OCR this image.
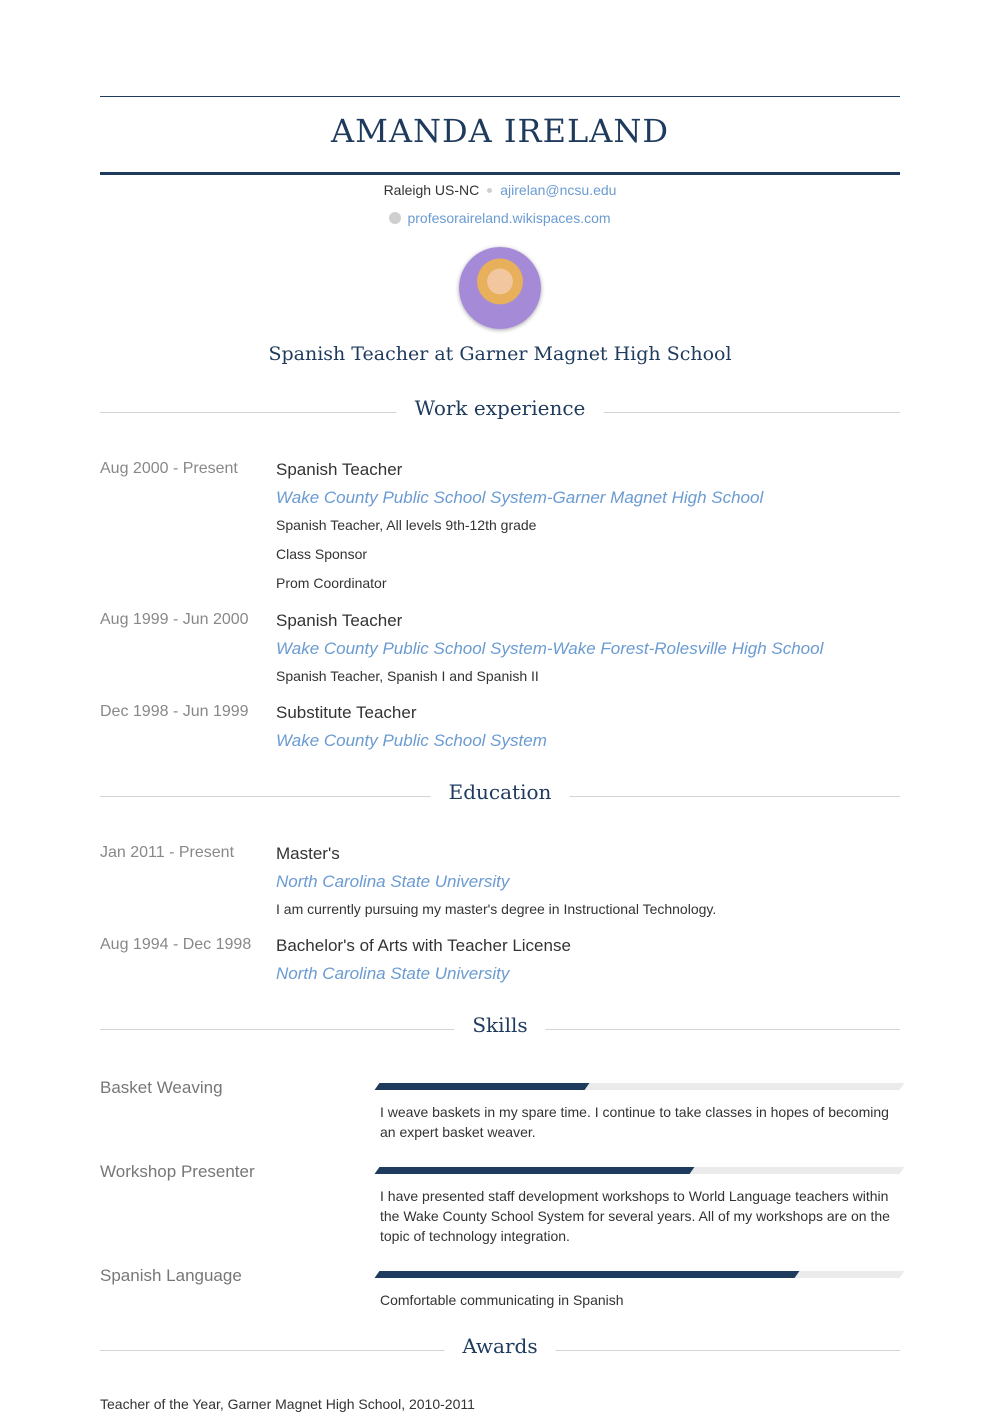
AMANDA IRELAND
Raleigh US-NC ajirelan@ncsu.edu
profesoraireland.wikispaces.com
Spanish Teacher at Garner Magnet High School
Work experience
Aug 2000 - Present Spanish Teacher
Wake County Public School System-Garner Magnet High School
Spanish Teacher, All levels 9th-12th grade
Class Sponsor
Prom Coordinator
Aug 1999 - Jun 2000 Spanish Teacher
Wake County Public School System-Wake Forest-Rolesville High School
Spanish Teacher, Spanish I and Spanish II
Dec 1998 - Jun 1999 Substitute Teacher
Wake County Public School System
Education
Jan 2011 - Present Master's
North Carolina State University
I am currently pursuing my master's degree in Instructional Technology.
Aug 1994 - Dec 1998 Bachelor's of Arts with Teacher License
North Carolina State University
Skills
Basket Weaving
I weave baskets in my spare time. I continue to take classes in hopes of becoming an expert basket weaver.
Workshop Presenter
I have presented staff development workshops to World Language teachers within the Wake County School System for several years. All of my workshops are on the topic of technology integration.
Spanish Language
Comfortable communicating in Spanish
Awards
Teacher of the Year, Garner Magnet High School, 2010-2011
